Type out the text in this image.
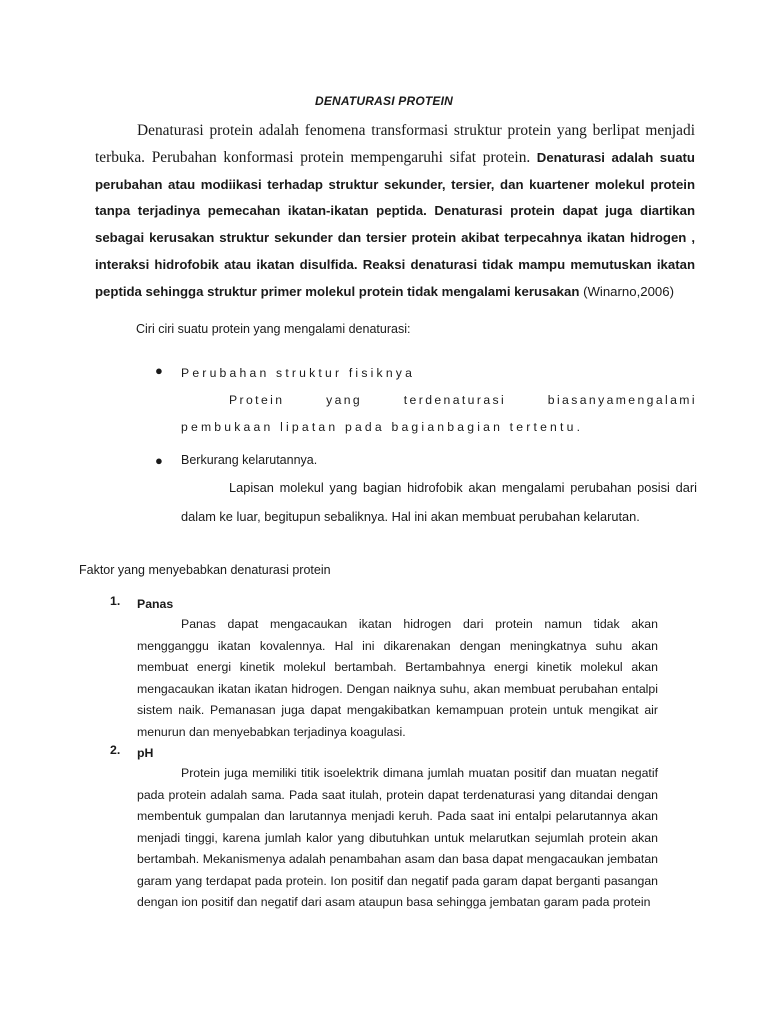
DENATURASI PROTEIN
Denaturasi protein adalah fenomena transformasi struktur protein yang berlipat menjadi terbuka. Perubahan konformasi protein mempengaruhi sifat protein. Denaturasi adalah suatu perubahan atau modiikasi terhadap struktur sekunder, tersier, dan kuartener molekul protein tanpa terjadinya pemecahan ikatan-ikatan peptida. Denaturasi protein dapat juga diartikan sebagai kerusakan struktur sekunder dan tersier protein akibat terpecahnya ikatan hidrogen , interaksi hidrofobik atau ikatan disulfida. Reaksi denaturasi tidak mampu memutuskan ikatan peptida sehingga struktur primer molekul protein tidak mengalami kerusakan (Winarno,2006)
Ciri ciri suatu protein yang mengalami denaturasi:
● Perubahan struktur fisiknya
Protein	yang	terdenaturasi	biasanyamengalami
pembukaan lipatan pada bagianbagian tertentu.
● Berkurang kelarutannya.
Lapisan molekul yang bagian hidrofobik akan mengalami perubahan posisi dari dalam ke luar, begitupun sebaliknya. Hal ini akan membuat perubahan kelarutan.
Faktor yang menyebabkan denaturasi protein
1. Panas
Panas dapat mengacaukan ikatan hidrogen dari protein namun tidak akan mengganggu ikatan kovalennya. Hal ini dikarenakan dengan meningkatnya suhu akan membuat energi kinetik molekul bertambah. Bertambahnya energi kinetik molekul akan mengacaukan ikatan ikatan hidrogen. Dengan naiknya suhu, akan membuat perubahan entalpi sistem naik. Pemanasan juga dapat mengakibatkan kemampuan protein untuk mengikat air menurun dan menyebabkan terjadinya koagulasi.
2. pH
Protein juga memiliki titik isoelektrik dimana jumlah muatan positif dan muatan negatif pada protein adalah sama. Pada saat itulah, protein dapat terdenaturasi yang ditandai dengan membentuk gumpalan dan larutannya menjadi keruh. Pada saat ini entalpi pelarutannya akan menjadi tinggi, karena jumlah kalor yang dibutuhkan untuk melarutkan sejumlah protein akan bertambah. Mekanismenya adalah penambahan asam dan basa dapat mengacaukan jembatan garam yang terdapat pada protein. Ion positif dan negatif pada garam dapat berganti pasangan dengan ion positif dan negatif dari asam ataupun basa sehingga jembatan garam pada protein
